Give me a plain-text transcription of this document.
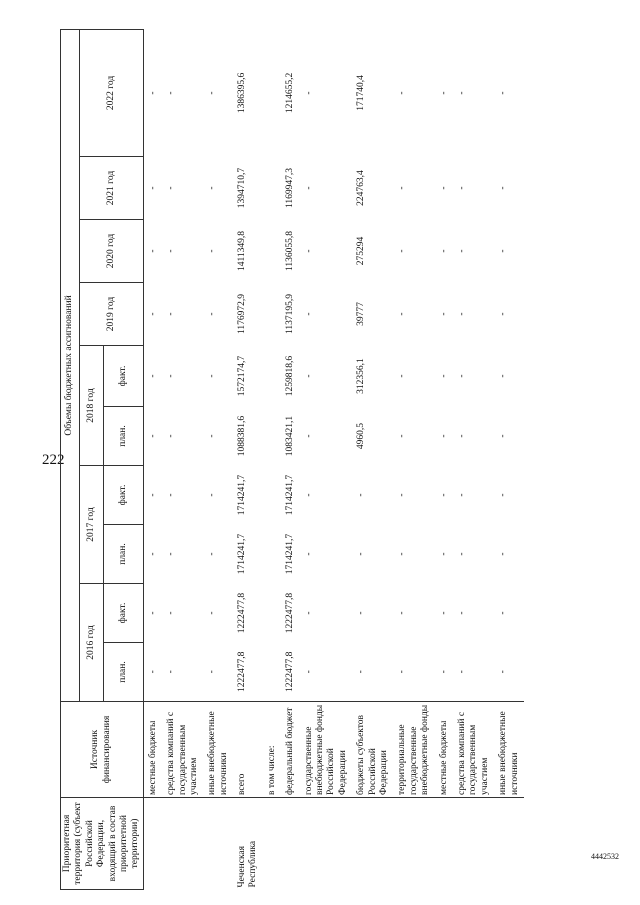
222
4442532
Приоритетная территория (субъект Российской Федерации, входящий в состав приоритетной территории)	Источник финансирования	Объемы бюджетных ассигнований									
		2016 год		2017 год		2018 год		2019 год	2020 год	2021 год	2022 год
		план.	факт.	план.	факт.	план.	факт.				
	местные бюджеты	-	-	-	-	-	-	-	-	-	-
	средства компаний с государственным участием	-	-	-	-	-	-	-	-	-	-
	иные внебюджетные источники	-	-	-	-	-	-	-	-	-	-
Чеченская Республика	всего	1222477,8	1222477,8	1714241,7	1714241,7	1088381,6	1572174,7	1176972,9	1411349,8	1394710,7	1386395,6
	в том числе:										
	федеральный бюджет	1222477,8	1222477,8	1714241,7	1714241,7	1083421,1	1259818,6	1137195,9	1136055,8	1169947,3	1214655,2
	государственные внебюджетные фонды Российской Федерации	-	-	-	-	-	-	-	-	-	-
	бюджеты субъектов Российской Федерации	-	-	-	-	4960,5	312356,1	39777	275294	224763,4	171740,4
	территориальные государственные внебюджетные фонды	-	-	-	-	-	-	-	-	-	-
	местные бюджеты	-	-	-	-	-	-	-	-	-	-
	средства компаний с государственным участием	-	-	-	-	-	-	-	-	-	-
	иные внебюджетные источники	-	-	-	-	-	-	-	-	-	-
